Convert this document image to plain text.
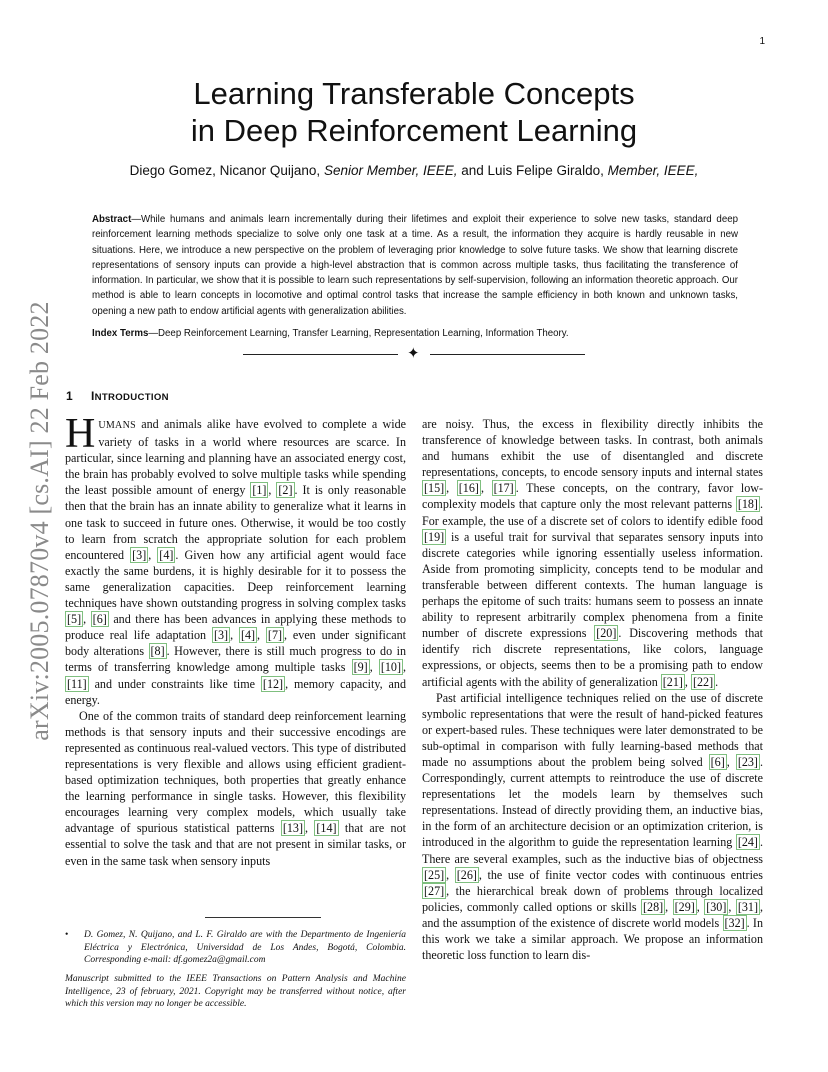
1
arXiv:2005.07870v4 [cs.AI] 22 Feb 2022
Learning Transferable Concepts
in Deep Reinforcement Learning
Diego Gomez, Nicanor Quijano, Senior Member, IEEE, and Luis Felipe Giraldo, Member, IEEE,
Abstract—While humans and animals learn incrementally during their lifetimes and exploit their experience to solve new tasks, standard deep reinforcement learning methods specialize to solve only one task at a time. As a result, the information they acquire is hardly reusable in new situations. Here, we introduce a new perspective on the problem of leveraging prior knowledge to solve future tasks. We show that learning discrete representations of sensory inputs can provide a high-level abstraction that is common across multiple tasks, thus facilitating the transference of information. In particular, we show that it is possible to learn such representations by self-supervision, following an information theoretic approach. Our method is able to learn concepts in locomotive and optimal control tasks that increase the sample efficiency in both known and unknown tasks, opening a new path to endow artificial agents with generalization abilities.
Index Terms—Deep Reinforcement Learning, Transfer Learning, Representation Learning, Information Theory.
✦
1 INTRODUCTION

HUMANS and animals alike have evolved to complete a wide variety of tasks in a world where resources are scarce. In particular, since learning and planning have an associated energy cost, the brain has probably evolved to solve multiple tasks while spending the least possible amount of energy [1] , [2] . It is only reasonable then that the brain has an innate ability to generalize what it learns in one task to succeed in future ones. Otherwise, it would be too costly to learn from scratch the appropriate solution for each problem encountered [3] , [4] . Given how any artificial agent would face exactly the same burdens, it is highly desirable for it to possess the same generalization capacities. Deep reinforcement learning techniques have shown outstanding progress in solving complex tasks [5] , [6] and there has been advances in applying these methods to produce real life adaptation [3] , [4] , [7] , even under significant body alterations [8] . However, there is still much progress to do in terms of transferring knowledge among multiple tasks [9] , [10] , [11] and under constraints like time [12] , memory capacity, and energy.

One of the common traits of standard deep reinforcement learning methods is that sensory inputs and their successive encodings are represented as continuous real-valued vectors. This type of distributed representations is very flexible and allows using efficient gradient-based optimization techniques, both properties that greatly enhance the learning performance in single tasks. However, this flexibility encourages learning very complex models, which usually take advantage of spurious statistical patterns [13] , [14] that are not essential to solve the task and that are not present in similar tasks, or even in the same task when sensory inputs

are noisy. Thus, the excess in flexibility directly inhibits the transference of knowledge between tasks. In contrast, both animals and humans exhibit the use of disentangled and discrete representations, concepts, to encode sensory inputs and internal states [15] , [16] , [17] . These concepts, on the contrary, favor low-complexity models that capture only the most relevant patterns [18] . For example, the use of a discrete set of colors to identify edible food [19] is a useful trait for survival that separates sensory inputs into discrete categories while ignoring essentially useless information. Aside from promoting simplicity, concepts tend to be modular and transferable between different contexts. The human language is perhaps the epitome of such traits: humans seem to possess an innate ability to represent arbitrarily complex phenomena from a finite number of discrete expressions [20] . Discovering methods that identify rich discrete representations, like colors, language expressions, or objects, seems then to be a promising path to endow artificial agents with the ability of generalization [21] , [22] .

Past artificial intelligence techniques relied on the use of discrete symbolic representations that were the result of hand-picked features or expert-based rules. These techniques were later demonstrated to be sub-optimal in comparison with fully learning-based methods that made no assumptions about the problem being solved [6] , [23] . Correspondingly, current attempts to reintroduce the use of discrete representations let the models learn by themselves such representations. Instead of directly providing them, an inductive bias, in the form of an architecture decision or an optimization criterion, is introduced in the algorithm to guide the representation learning [24] . There are several examples, such as the inductive bias of objectness [25] , [26] , the use of finite vector codes with continuous entries [27] , the hierarchical break down of problems through localized policies, commonly called options or skills [28] , [29] , [30] , [31] , and the assumption of the existence of discrete world models [32] . In this work we take a similar approach. We propose an information theoretic loss function to learn dis-

• D. Gomez, N. Quijano, and L. F. Giraldo are with the Departmento de Ingeniería Eléctrica y Electrónica, Universidad de Los Andes, Bogotá, Colombia. Corresponding e-mail: df.gomez2a@gmail.com
Manuscript submitted to the IEEE Transactions on Pattern Analysis and Machine Intelligence, 23 of february, 2021. Copyright may be transferred without notice, after which this version may no longer be accessible.
